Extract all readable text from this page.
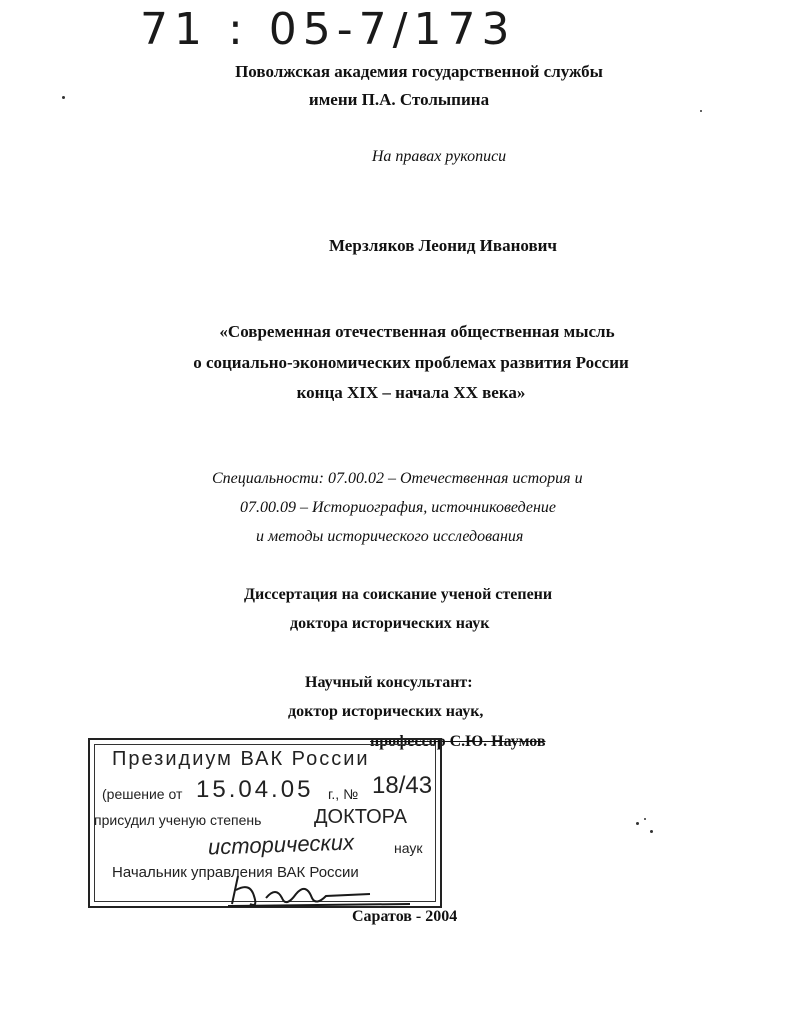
71 : 05-7/173
Поволжская академия государственной службы
имени П.А. Столыпина
На правах рукописи
Мерзляков Леонид Иванович
«Современная отечественная общественная мысль
о социально-экономических проблемах развития России
конца XIX – начала XX века»
Специальности: 07.00.02 – Отечественная история и
07.00.09 – Историография, источниковедение
и методы исторического исследования
Диссертация на соискание ученой степени
доктора исторических наук
Научный консультант:
доктор исторических наук,
профессор С.Ю. Наумов
Президиум ВАК России
(решение от 15.04.05 г., № 18/43
присудил ученую степень	ДОКТОРА
исторических	наук
Начальник управления ВАК России
Саратов - 2004
